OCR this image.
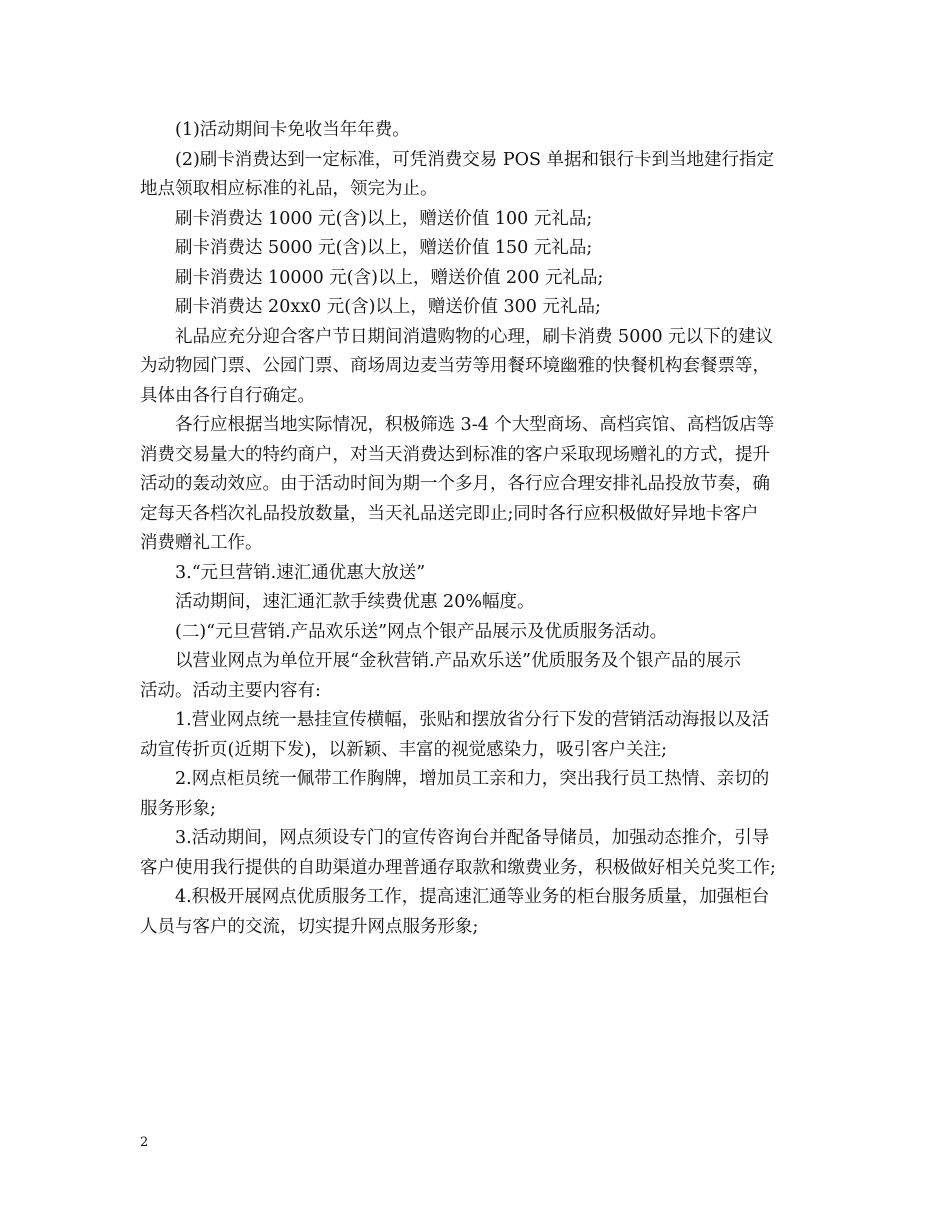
(1)活动期间卡免收当年年费。
(2)刷卡消费达到一定标准，可凭消费交易 POS 单据和银行卡到当地建行指定
地点领取相应标准的礼品，领完为止。
刷卡消费达 1000 元(含)以上，赠送价值 100 元礼品;
刷卡消费达 5000 元(含)以上，赠送价值 150 元礼品;
刷卡消费达 10000 元(含)以上，赠送价值 200 元礼品;
刷卡消费达 20xx0 元(含)以上，赠送价值 300 元礼品;
礼品应充分迎合客户节日期间消遣购物的心理，刷卡消费 5000 元以下的建议
为动物园门票、公园门票、商场周边麦当劳等用餐环境幽雅的快餐机构套餐票等，
具体由各行自行确定。
各行应根据当地实际情况，积极筛选 3-4 个大型商场、高档宾馆、高档饭店等
消费交易量大的特约商户，对当天消费达到标准的客户采取现场赠礼的方式，提升
活动的轰动效应。由于活动时间为期一个多月，各行应合理安排礼品投放节奏，确
定每天各档次礼品投放数量，当天礼品送完即止;同时各行应积极做好异地卡客户
消费赠礼工作。
3.“元旦营销.速汇通优惠大放送”
活动期间，速汇通汇款手续费优惠 20%幅度。
(二)“元旦营销.产品欢乐送”网点个银产品展示及优质服务活动。
以营业网点为单位开展“金秋营销.产品欢乐送”优质服务及个银产品的展示
活动。活动主要内容有:
1.营业网点统一悬挂宣传横幅，张贴和摆放省分行下发的营销活动海报以及活
动宣传折页(近期下发)，以新颖、丰富的视觉感染力，吸引客户关注;
2.网点柜员统一佩带工作胸牌，增加员工亲和力，突出我行员工热情、亲切的
服务形象;
3.活动期间，网点须设专门的宣传咨询台并配备导储员，加强动态推介，引导
客户使用我行提供的自助渠道办理普通存取款和缴费业务，积极做好相关兑奖工作;
4.积极开展网点优质服务工作，提高速汇通等业务的柜台服务质量，加强柜台
人员与客户的交流，切实提升网点服务形象;
2
